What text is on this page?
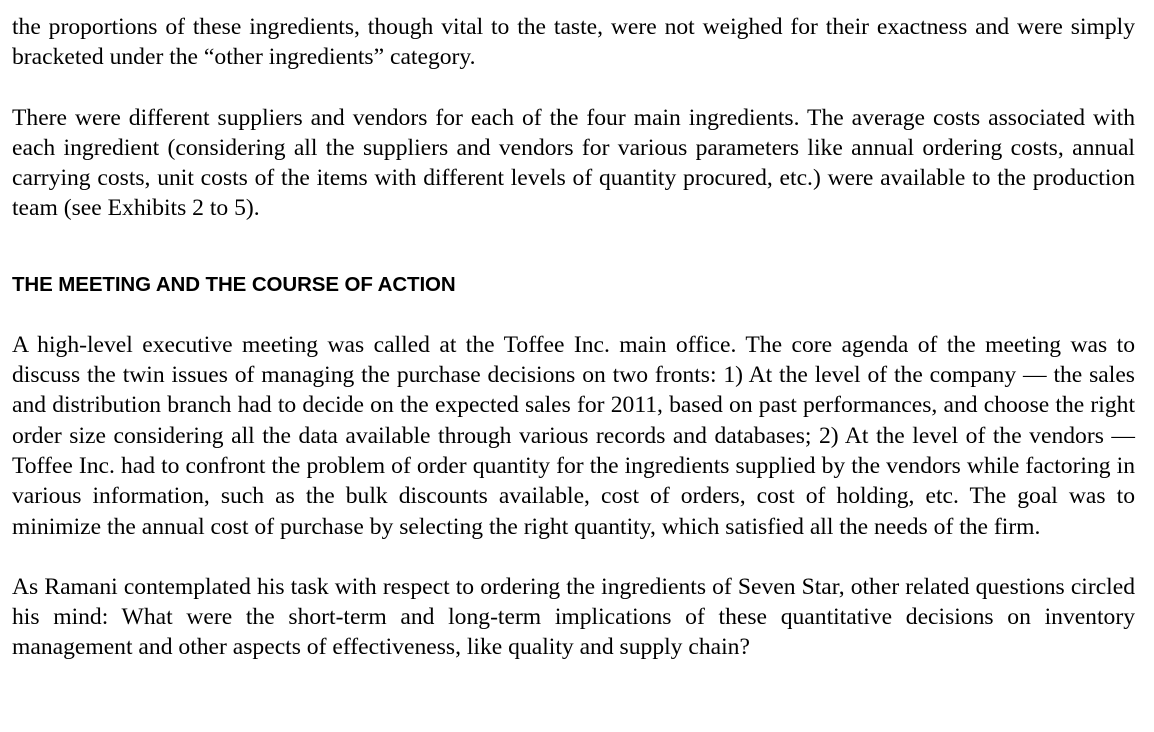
the proportions of these ingredients, though vital to the taste, were not weighed for their exactness and were simply bracketed under the “other ingredients” category.

There were different suppliers and vendors for each of the four main ingredients. The average costs associated with each ingredient (considering all the suppliers and vendors for various parameters like annual ordering costs, annual carrying costs, unit costs of the items with different levels of quantity procured, etc.) were available to the production team (see Exhibits 2 to 5).

THE MEETING AND THE COURSE OF ACTION

A high-level executive meeting was called at the Toffee Inc. main office. The core agenda of the meeting was to discuss the twin issues of managing the purchase decisions on two fronts: 1) At the level of the company — the sales and distribution branch had to decide on the expected sales for 2011, based on past performances, and choose the right order size considering all the data available through various records and databases; 2) At the level of the vendors — Toffee Inc. had to confront the problem of order quantity for the ingredients supplied by the vendors while factoring in various information, such as the bulk discounts available, cost of orders, cost of holding, etc. The goal was to minimize the annual cost of purchase by selecting the right quantity, which satisfied all the needs of the firm.

As Ramani contemplated his task with respect to ordering the ingredients of Seven Star, other related questions circled his mind: What were the short-term and long-term implications of these quantitative decisions on inventory management and other aspects of effectiveness, like quality and supply chain?
